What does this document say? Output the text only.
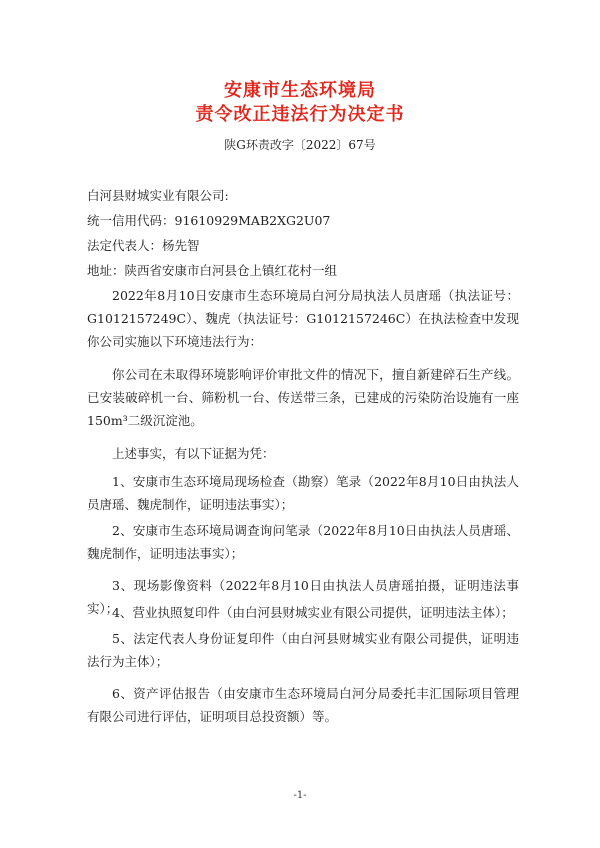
安康市生态环境局
责令改正违法行为决定书
陕G环责改字〔2022〕67号
白河县财城实业有限公司:
统一信用代码：91610929MAB2XG2U07
法定代表人：杨先智
地址：陕西省安康市白河县仓上镇红花村一组
2022年8月10日安康市生态环境局白河分局执法人员唐瑶（执法证号：G1012157249C）、魏虎（执法证号：G1012157246C）在执法检查中发现你公司实施以下环境违法行为：
你公司在未取得环境影响评价审批文件的情况下，擅自新建碎石生产线。已安装破碎机一台、筛粉机一台、传送带三条，已建成的污染防治设施有一座150m³二级沉淀池。
上述事实，有以下证据为凭：
1、安康市生态环境局现场检查（勘察）笔录（2022年8月10日由执法人员唐瑶、魏虎制作，证明违法事实）；
2、安康市生态环境局调查询问笔录（2022年8月10日由执法人员唐瑶、魏虎制作，证明违法事实）；
3、现场影像资料（2022年8月10日由执法人员唐瑶拍摄，证明违法事实）；
4、营业执照复印件（由白河县财城实业有限公司提供，证明违法主体）；
5、法定代表人身份证复印件（由白河县财城实业有限公司提供，证明违法行为主体）；
6、资产评估报告（由安康市生态环境局白河分局委托丰汇国际项目管理有限公司进行评估，证明项目总投资额）等。
-1-
